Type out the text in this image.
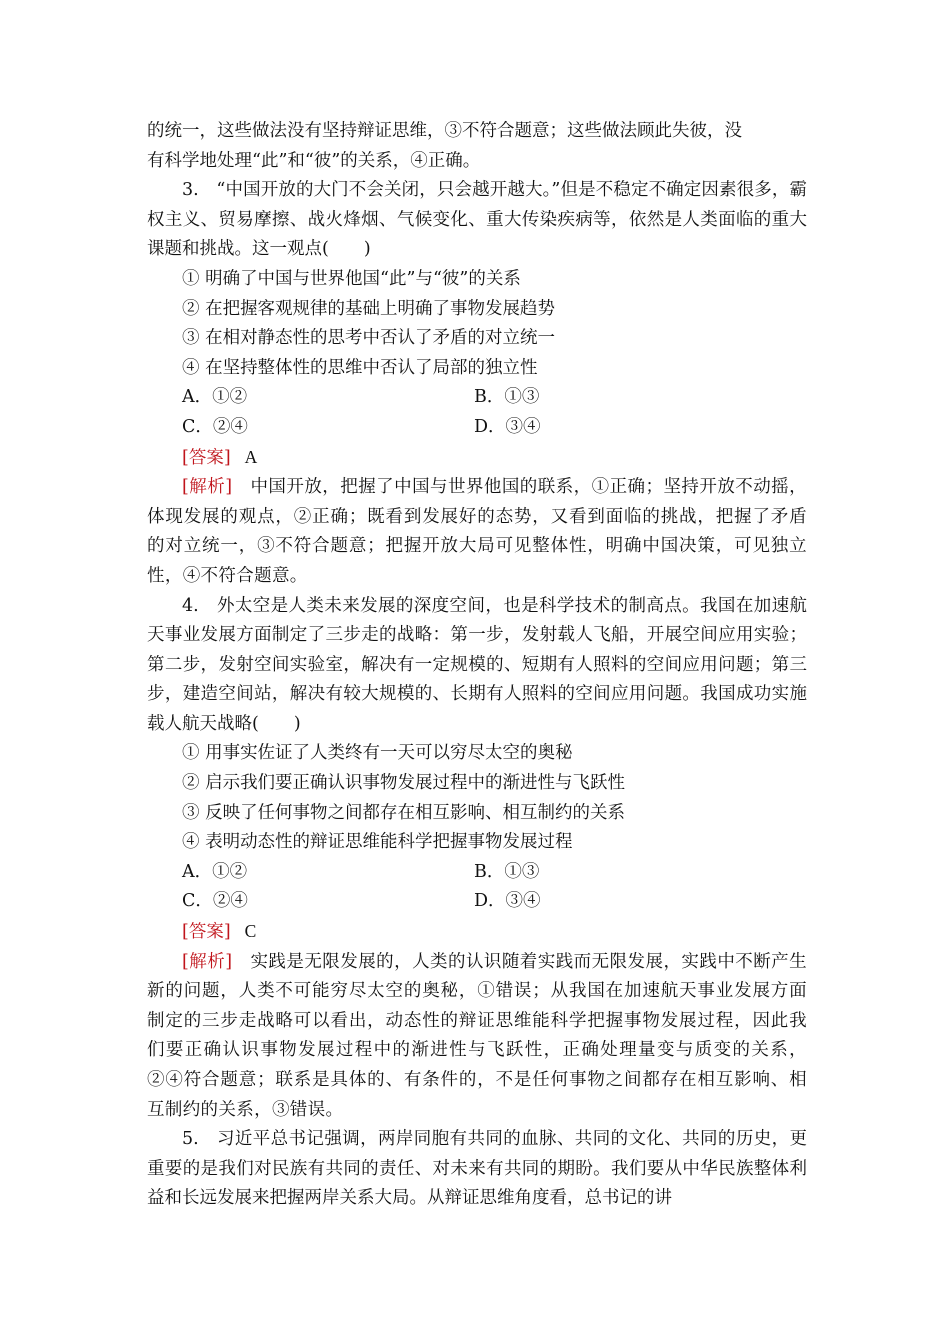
的统一，这些做法没有坚持辩证思维，③不符合题意；这些做法顾此失彼，没

有科学地处理“此”和“彼”的关系，④正确。

3.　“中国开放的大门不会关闭，只会越开越大。”但是不稳定不确定因素很多，霸权主义、贸易摩擦、战火烽烟、气候变化、重大传染疾病等，依然是人类面临的重大课题和挑战。这一观点(　　)

① 明确了中国与世界他国“此”与“彼”的关系

② 在把握客观规律的基础上明确了事物发展趋势

③ 在相对静态性的思考中否认了矛盾的对立统一

④ 在坚持整体性的思维中否认了局部的独立性

A．①②	B．①③
C．②④	D．③④

[答案] A

[解析] 中国开放，把握了中国与世界他国的联系，①正确；坚持开放不动摇，体现发展的观点，②正确；既看到发展好的态势，又看到面临的挑战，把握了矛盾的对立统一，③不符合题意；把握开放大局可见整体性，明确中国决策，可见独立性，④不符合题意。

4.　外太空是人类未来发展的深度空间，也是科学技术的制高点。我国在加速航天事业发展方面制定了三步走的战略：第一步，发射载人飞船，开展空间应用实验；第二步，发射空间实验室，解决有一定规模的、短期有人照料的空间应用问题；第三步，建造空间站，解决有较大规模的、长期有人照料的空间应用问题。我国成功实施载人航天战略(　　)

① 用事实佐证了人类终有一天可以穷尽太空的奥秘

② 启示我们要正确认识事物发展过程中的渐进性与飞跃性

③ 反映了任何事物之间都存在相互影响、相互制约的关系

④ 表明动态性的辩证思维能科学把握事物发展过程

A．①②	B．①③
C．②④	D．③④

[答案] C

[解析] 实践是无限发展的，人类的认识随着实践而无限发展，实践中不断产生新的问题，人类不可能穷尽太空的奥秘，①错误；从我国在加速航天事业发展方面制定的三步走战略可以看出，动态性的辩证思维能科学把握事物发展过程，因此我们要正确认识事物发展过程中的渐进性与飞跃性，正确处理量变与质变的关系，②④符合题意；联系是具体的、有条件的，不是任何事物之间都存在相互影响、相互制约的关系，③错误。

5.　习近平总书记强调，两岸同胞有共同的血脉、共同的文化、共同的历史，更重要的是我们对民族有共同的责任、对未来有共同的期盼。我们要从中华民族整体利益和长远发展来把握两岸关系大局。从辩证思维角度看，总书记的讲
